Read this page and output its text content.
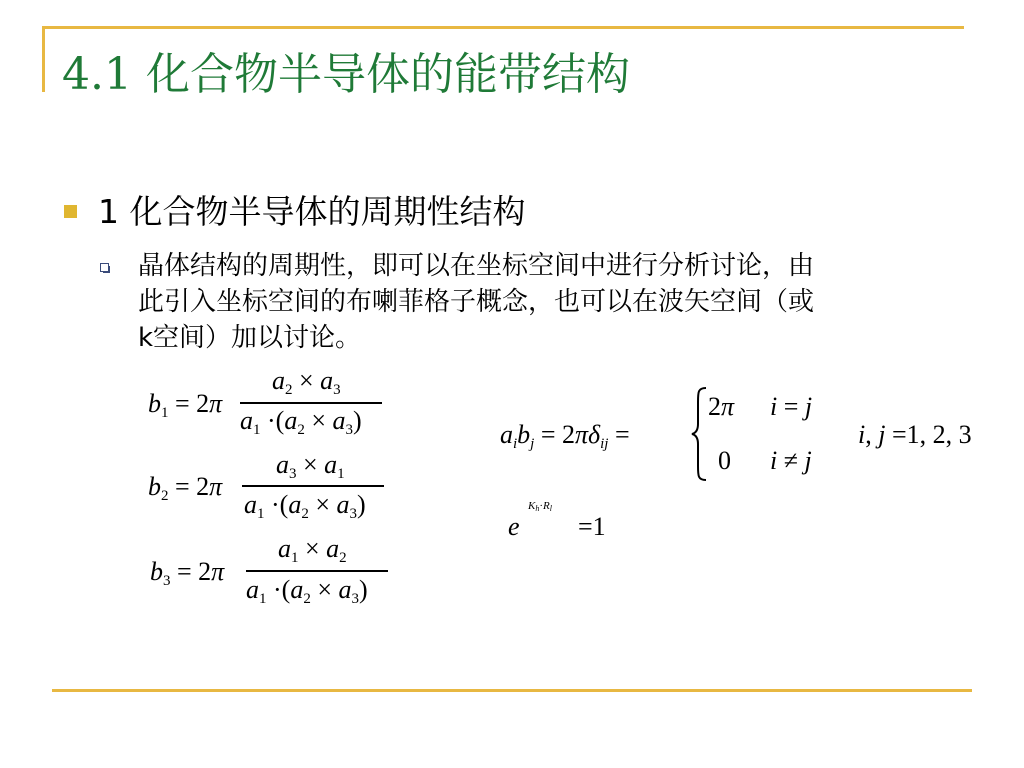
4.1 化合物半导体的能带结构
1 化合物半导体的周期性结构
晶体结构的周期性，即可以在坐标空间中进行分析讨论，由
此引入坐标空间的布喇菲格子概念，也可以在波矢空间（或
k空间）加以讨论。
$b_1 = 2\pi$
$a_2 \times a_3$
$a_1 \cdot(a_2 \times a_3)$
$b_2 = 2\pi$
$a_3 \times a_1$
$a_1 \cdot(a_2 \times a_3)$
$b_3 = 2\pi$
$a_1 \times a_2$
$a_1 \cdot(a_2 \times a_3)$
$a_ib_j = 2\pi\delta_{ij}$ =
2π i = j
0 i ≠ j
i, j =1, 2, 3
e
$K_h\cdot R_l$
=1
